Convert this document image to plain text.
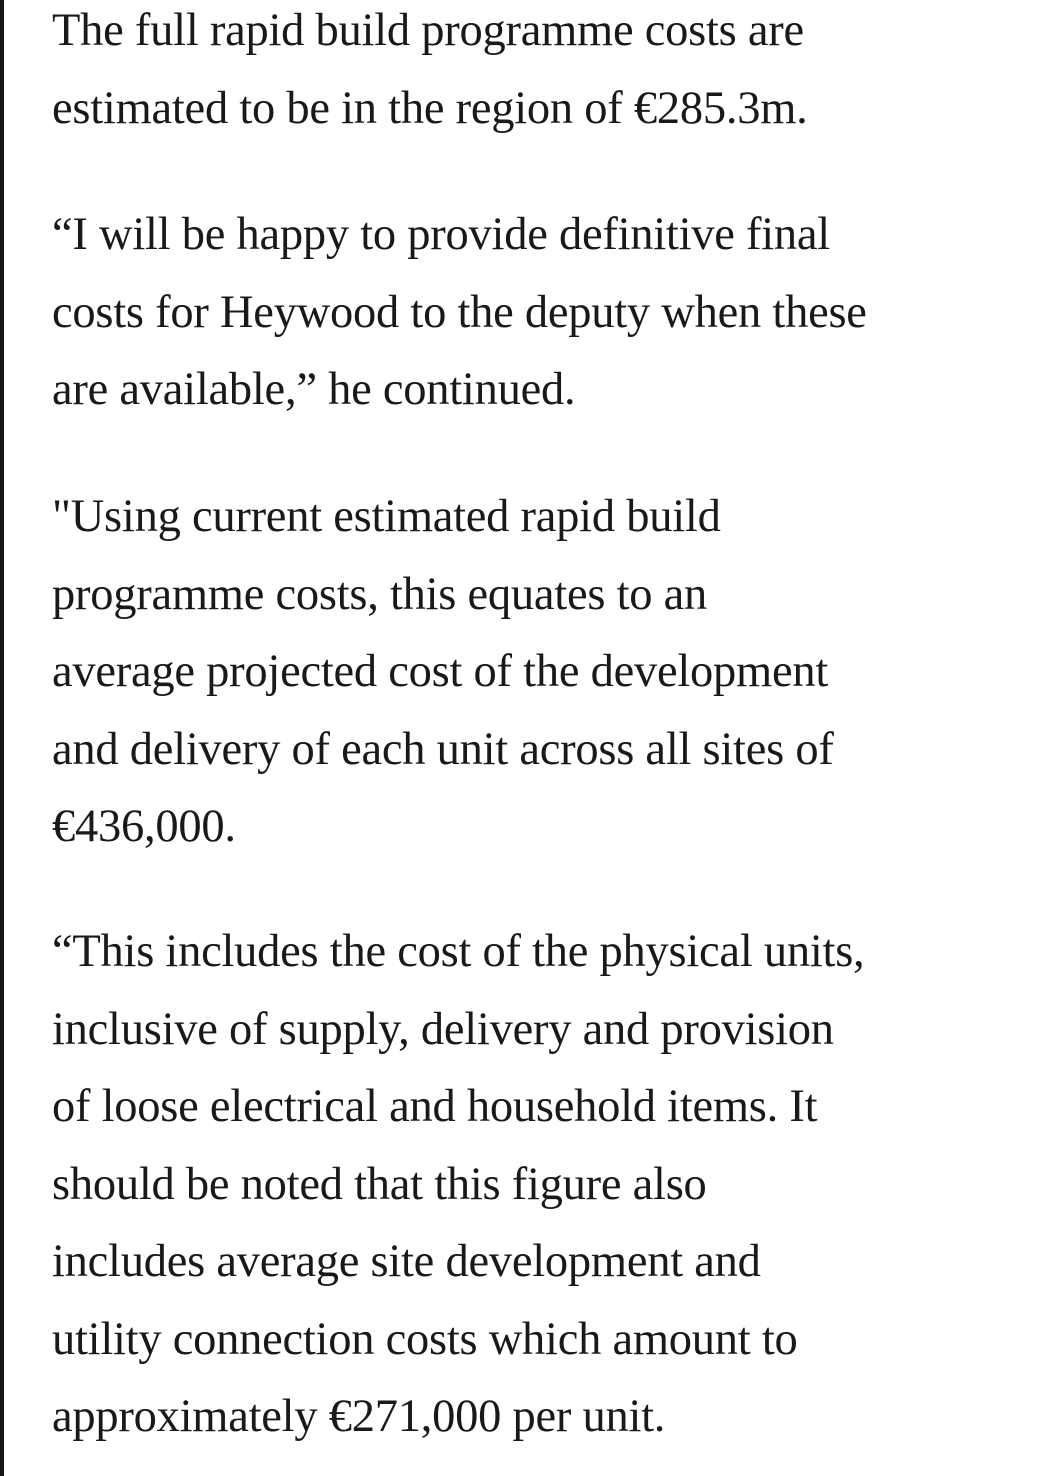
The full rapid build programme costs are
estimated to be in the region of €285.3m.

“I will be happy to provide definitive final
costs for Heywood to the deputy when these
are available,” he continued.

"Using current estimated rapid build
programme costs, this equates to an
average projected cost of the development
and delivery of each unit across all sites of
€436,000.

“This includes the cost of the physical units,
inclusive of supply, delivery and provision
of loose electrical and household items. It
should be noted that this figure also
includes average site development and
utility connection costs which amount to
approximately €271,000 per unit.
